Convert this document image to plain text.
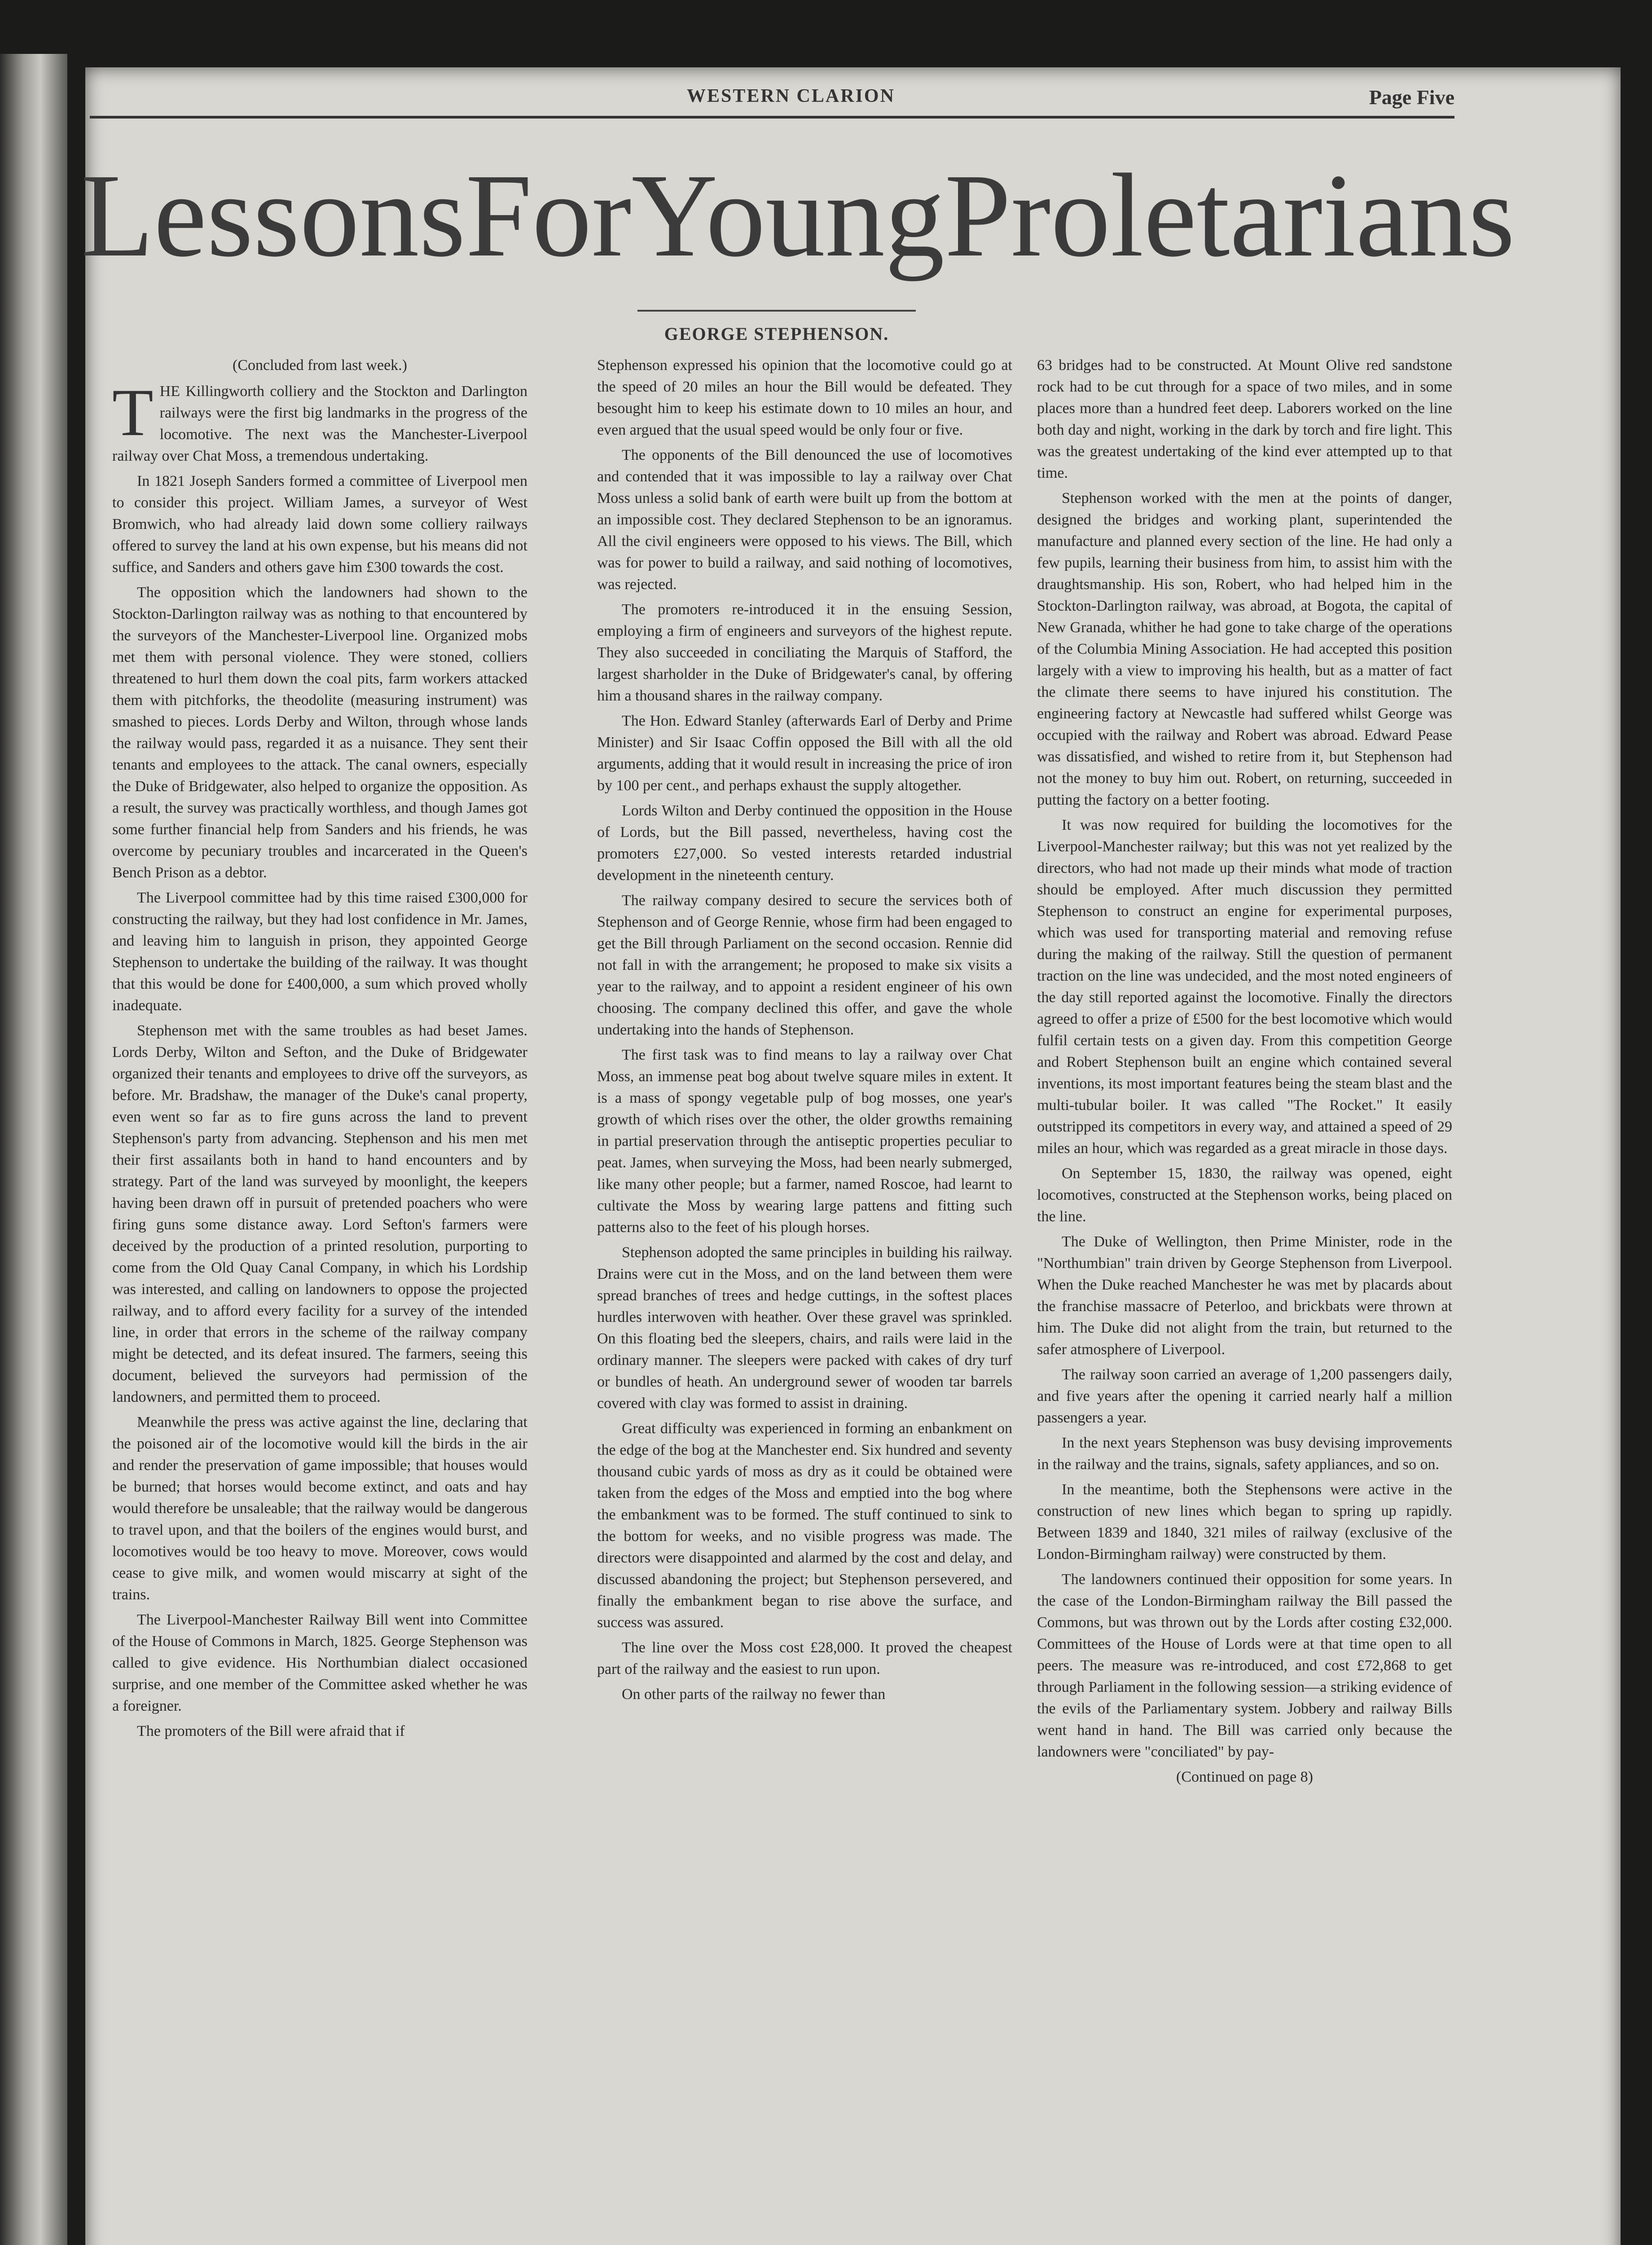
WESTERN CLARION	Page Five
Lessons For Young Proletarians
GEORGE STEPHENSON.
(Concluded from last week.)

THE Killingworth colliery and the Stockton and Darlington railways were the first big landmarks in the progress of the locomotive. The next was the Manchester-Liverpool railway over Chat Moss, a tremendous undertaking.

In 1821 Joseph Sanders formed a committee of Liverpool men to consider this project. William James, a surveyor of West Bromwich, who had already laid down some colliery railways offered to survey the land at his own expense, but his means did not suffice, and Sanders and others gave him £300 towards the cost.

The opposition which the landowners had shown to the Stockton-Darlington railway was as nothing to that encountered by the surveyors of the Manchester-Liverpool line. Organized mobs met them with personal violence. They were stoned, colliers threatened to hurl them down the coal pits, farm workers attacked them with pitchforks, the theodolite (measuring instrument) was smashed to pieces. Lords Derby and Wilton, through whose lands the railway would pass, regarded it as a nuisance. They sent their tenants and employees to the attack. The canal owners, especially the Duke of Bridgewater, also helped to organize the opposition. As a result, the survey was practically worthless, and though James got some further financial help from Sanders and his friends, he was overcome by pecuniary troubles and incarcerated in the Queen's Bench Prison as a debtor.

The Liverpool committee had by this time raised £300,000 for constructing the railway, but they had lost confidence in Mr. James, and leaving him to languish in prison, they appointed George Stephenson to undertake the building of the railway. It was thought that this would be done for £400,000, a sum which proved wholly inadequate.

Stephenson met with the same troubles as had beset James. Lords Derby, Wilton and Sefton, and the Duke of Bridgewater organized their tenants and employees to drive off the surveyors, as before. Mr. Bradshaw, the manager of the Duke's canal property, even went so far as to fire guns across the land to prevent Stephenson's party from advancing. Stephenson and his men met their first assailants both in hand to hand encounters and by strategy. Part of the land was surveyed by moonlight, the keepers having been drawn off in pursuit of pretended poachers who were firing guns some distance away. Lord Sefton's farmers were deceived by the production of a printed resolution, purporting to come from the Old Quay Canal Company, in which his Lordship was interested, and calling on landowners to oppose the projected railway, and to afford every facility for a survey of the intended line, in order that errors in the scheme of the railway company might be detected, and its defeat insured. The farmers, seeing this document, believed the surveyors had permission of the landowners, and permitted them to proceed.

Meanwhile the press was active against the line, declaring that the poisoned air of the locomotive would kill the birds in the air and render the preservation of game impossible; that houses would be burned; that horses would become extinct, and oats and hay would therefore be unsaleable; that the railway would be dangerous to travel upon, and that the boilers of the engines would burst, and locomotives would be too heavy to move. Moreover, cows would cease to give milk, and women would miscarry at sight of the trains.

The Liverpool-Manchester Railway Bill went into Committee of the House of Commons in March, 1825. George Stephenson was called to give evidence. His Northumbian dialect occasioned surprise, and one member of the Committee asked whether he was a foreigner.

The promoters of the Bill were afraid that if

Stephenson expressed his opinion that the locomotive could go at the speed of 20 miles an hour the Bill would be defeated. They besought him to keep his estimate down to 10 miles an hour, and even argued that the usual speed would be only four or five.

The opponents of the Bill denounced the use of locomotives and contended that it was impossible to lay a railway over Chat Moss unless a solid bank of earth were built up from the bottom at an impossible cost. They declared Stephenson to be an ignoramus. All the civil engineers were opposed to his views. The Bill, which was for power to build a railway, and said nothing of locomotives, was rejected.

The promoters re-introduced it in the ensuing Session, employing a firm of engineers and surveyors of the highest repute. They also succeeded in conciliating the Marquis of Stafford, the largest sharholder in the Duke of Bridgewater's canal, by offering him a thousand shares in the railway company.

The Hon. Edward Stanley (afterwards Earl of Derby and Prime Minister) and Sir Isaac Coffin opposed the Bill with all the old arguments, adding that it would result in increasing the price of iron by 100 per cent., and perhaps exhaust the supply altogether.

Lords Wilton and Derby continued the opposition in the House of Lords, but the Bill passed, nevertheless, having cost the promoters £27,000. So vested interests retarded industrial development in the nineteenth century.

The railway company desired to secure the services both of Stephenson and of George Rennie, whose firm had been engaged to get the Bill through Parliament on the second occasion. Rennie did not fall in with the arrangement; he proposed to make six visits a year to the railway, and to appoint a resident engineer of his own choosing. The company declined this offer, and gave the whole undertaking into the hands of Stephenson.

The first task was to find means to lay a railway over Chat Moss, an immense peat bog about twelve square miles in extent. It is a mass of spongy vegetable pulp of bog mosses, one year's growth of which rises over the other, the older growths remaining in partial preservation through the antiseptic properties peculiar to peat. James, when surveying the Moss, had been nearly submerged, like many other people; but a farmer, named Roscoe, had learnt to cultivate the Moss by wearing large pattens and fitting such patterns also to the feet of his plough horses.

Stephenson adopted the same principles in building his railway. Drains were cut in the Moss, and on the land between them were spread branches of trees and hedge cuttings, in the softest places hurdles interwoven with heather. Over these gravel was sprinkled. On this floating bed the sleepers, chairs, and rails were laid in the ordinary manner. The sleepers were packed with cakes of dry turf or bundles of heath. An underground sewer of wooden tar barrels covered with clay was formed to assist in draining.

Great difficulty was experienced in forming an enbankment on the edge of the bog at the Manchester end. Six hundred and seventy thousand cubic yards of moss as dry as it could be obtained were taken from the edges of the Moss and emptied into the bog where the embankment was to be formed. The stuff continued to sink to the bottom for weeks, and no visible progress was made. The directors were disappointed and alarmed by the cost and delay, and discussed abandoning the project; but Stephenson persevered, and finally the embankment began to rise above the surface, and success was assured.

The line over the Moss cost £28,000. It proved the cheapest part of the railway and the easiest to run upon.

On other parts of the railway no fewer than

63 bridges had to be constructed. At Mount Olive red sandstone rock had to be cut through for a space of two miles, and in some places more than a hundred feet deep. Laborers worked on the line both day and night, working in the dark by torch and fire light. This was the greatest undertaking of the kind ever attempted up to that time.

Stephenson worked with the men at the points of danger, designed the bridges and working plant, superintended the manufacture and planned every section of the line. He had only a few pupils, learning their business from him, to assist him with the draughtsmanship. His son, Robert, who had helped him in the Stockton-Darlington railway, was abroad, at Bogota, the capital of New Granada, whither he had gone to take charge of the operations of the Columbia Mining Association. He had accepted this position largely with a view to improving his health, but as a matter of fact the climate there seems to have injured his constitution. The engineering factory at Newcastle had suffered whilst George was occupied with the railway and Robert was abroad. Edward Pease was dissatisfied, and wished to retire from it, but Stephenson had not the money to buy him out. Robert, on returning, succeeded in putting the factory on a better footing.

It was now required for building the locomotives for the Liverpool-Manchester railway; but this was not yet realized by the directors, who had not made up their minds what mode of traction should be employed. After much discussion they permitted Stephenson to construct an engine for experimental purposes, which was used for transporting material and removing refuse during the making of the railway. Still the question of permanent traction on the line was undecided, and the most noted engineers of the day still reported against the locomotive. Finally the directors agreed to offer a prize of £500 for the best locomotive which would fulfil certain tests on a given day. From this competition George and Robert Stephenson built an engine which contained several inventions, its most important features being the steam blast and the multi-tubular boiler. It was called "The Rocket." It easily outstripped its competitors in every way, and attained a speed of 29 miles an hour, which was regarded as a great miracle in those days.

On September 15, 1830, the railway was opened, eight locomotives, constructed at the Stephenson works, being placed on the line.

The Duke of Wellington, then Prime Minister, rode in the "Northumbian" train driven by George Stephenson from Liverpool. When the Duke reached Manchester he was met by placards about the franchise massacre of Peterloo, and brickbats were thrown at him. The Duke did not alight from the train, but returned to the safer atmosphere of Liverpool.

The railway soon carried an average of 1,200 passengers daily, and five years after the opening it carried nearly half a million passengers a year.

In the next years Stephenson was busy devising improvements in the railway and the trains, signals, safety appliances, and so on.

In the meantime, both the Stephensons were active in the construction of new lines which began to spring up rapidly. Between 1839 and 1840, 321 miles of railway (exclusive of the London-Birmingham railway) were constructed by them.

The landowners continued their opposition for some years. In the case of the London-Birmingham railway the Bill passed the Commons, but was thrown out by the Lords after costing £32,000. Committees of the House of Lords were at that time open to all peers. The measure was re-introduced, and cost £72,868 to get through Parliament in the following session—a striking evidence of the evils of the Parliamentary system. Jobbery and railway Bills went hand in hand. The Bill was carried only because the landowners were "conciliated" by pay-

(Continued on page 8)
